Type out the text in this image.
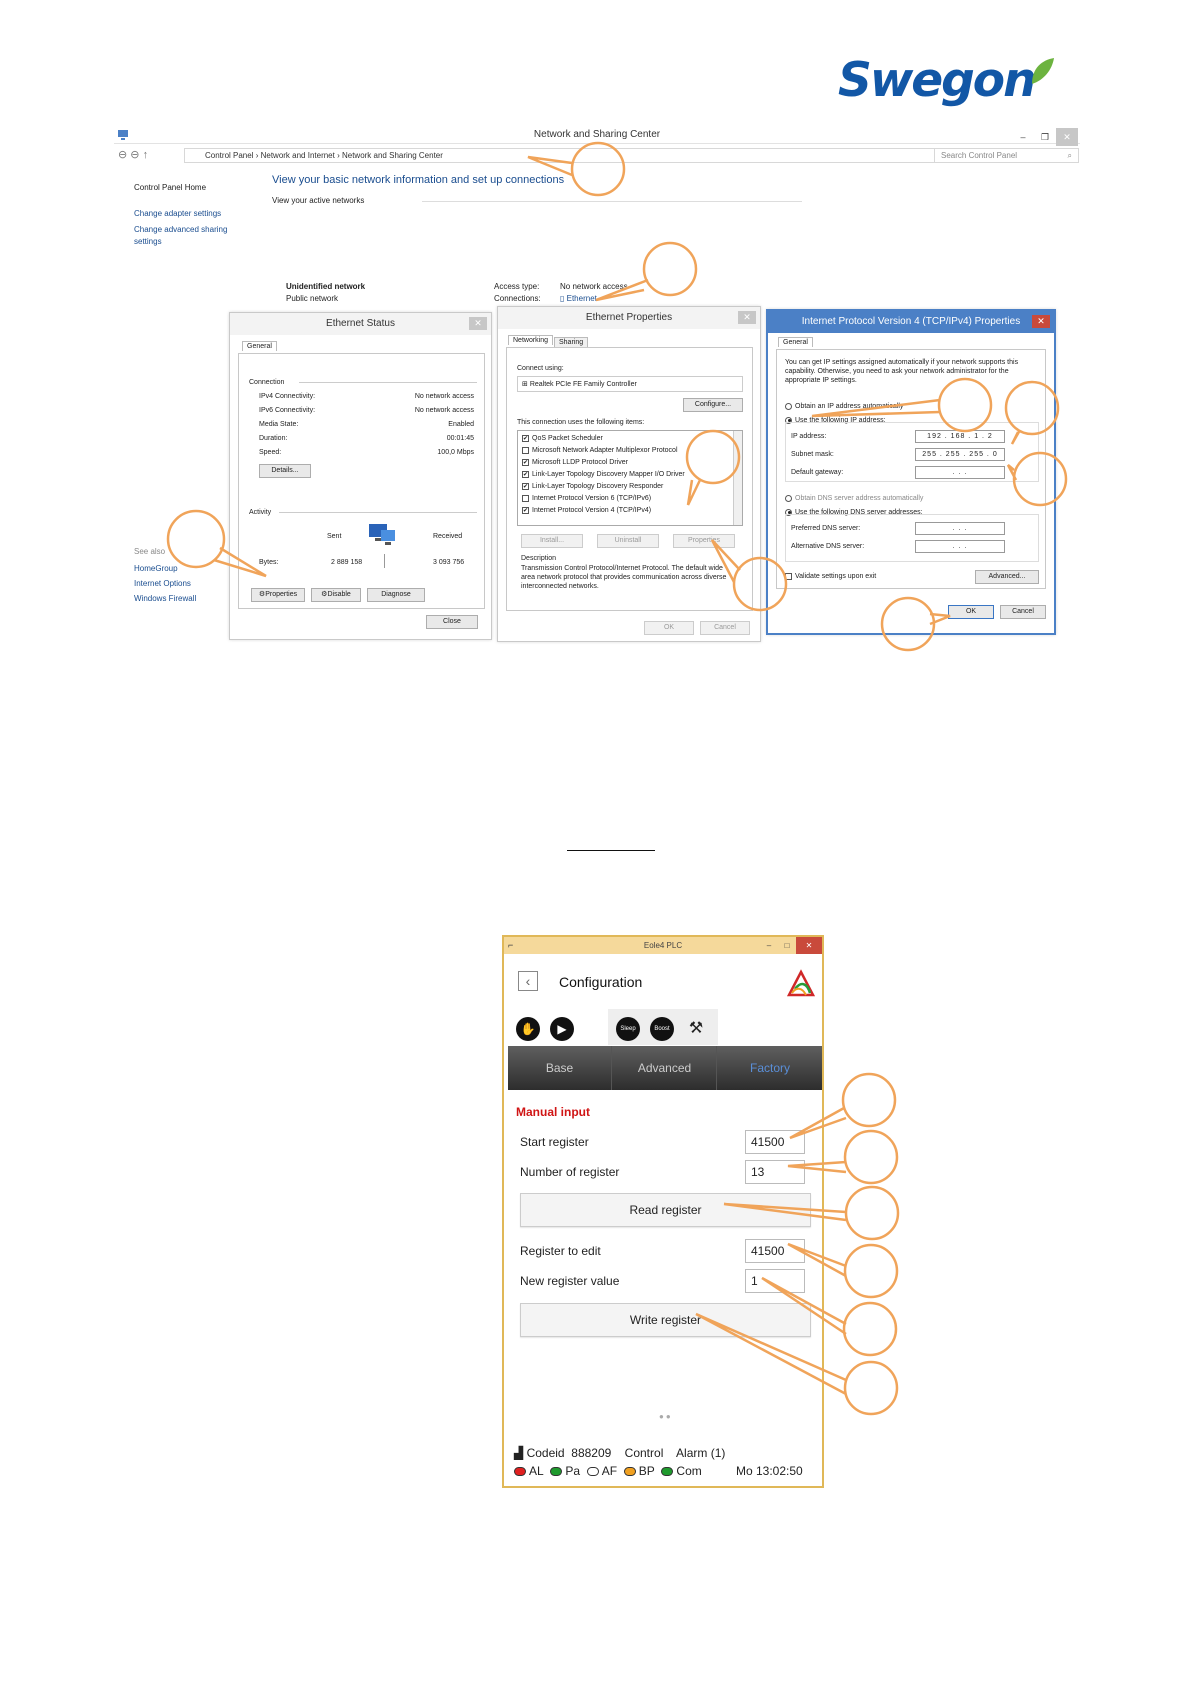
Swegon
Network and Sharing Center	– ❐ ✕
⊖ ⊖ ↑	Control Panel › Network and Internet › Network and Sharing Center	Search Control Panel	⌕
Control Panel Home
Change adapter settings
Change advanced sharing
settings
View your basic network information and set up connections
View your active networks
Unidentified network
Public network
Access type:	No network access
Connections: ▯ Ethernet
See also
HomeGroup
Internet Options
Windows Firewall
Ethernet Status	✕
General
Connection
IPv4 Connectivity:	No network access
IPv6 Connectivity:	No network access
Media State:	Enabled
Duration:	00:01:45
Speed:	100,0 Mbps
Details...
Activity
Sent	Received
Bytes:	2 889 158	3 093 756
⚙Properties	⚙Disable	Diagnose
Close
Ethernet Properties	✕
Networking	Sharing
Connect using:
⊞ Realtek PCIe FE Family Controller
Configure...
This connection uses the following items:
✔ QoS Packet Scheduler
Microsoft Network Adapter Multiplexor Protocol
✔ Microsoft LLDP Protocol Driver
✔ Link-Layer Topology Discovery Mapper I/O Driver
✔ Link-Layer Topology Discovery Responder
Internet Protocol Version 6 (TCP/IPv6)
✔ Internet Protocol Version 4 (TCP/IPv4)
Install...	Uninstall	Properties
Description
Transmission Control Protocol/Internet Protocol. The default wide area network protocol that provides communication across diverse interconnected networks.
OK	Cancel
Internet Protocol Version 4 (TCP/IPv4) Properties	✕
General
You can get IP settings assigned automatically if your network supports this capability. Otherwise, you need to ask your network administrator for the appropriate IP settings.
Obtain an IP address automatically
Use the following IP address:
IP address:	192 . 168 . 1 . 2
Subnet mask:	255 . 255 . 255 . 0
Default gateway:	. . .
Obtain DNS server address automatically
Use the following DNS server addresses:
Preferred DNS server:	. . .
Alternative DNS server:	. . .
Validate settings upon exit	Advanced...
OK	Cancel
⌐	Eole4 PLC	– □ ✕
‹	Configuration
✋	▶	Sleep	Boost	⚒
Base	Advanced	Factory
Manual input
Start register	41500
Number of register	13
Read register
Register to edit	41500
New register value	1
Write register
●●
▟ Codeid 888209 Control Alarm (1)
AL Pa AF BP Com	Mo 13:02:50
